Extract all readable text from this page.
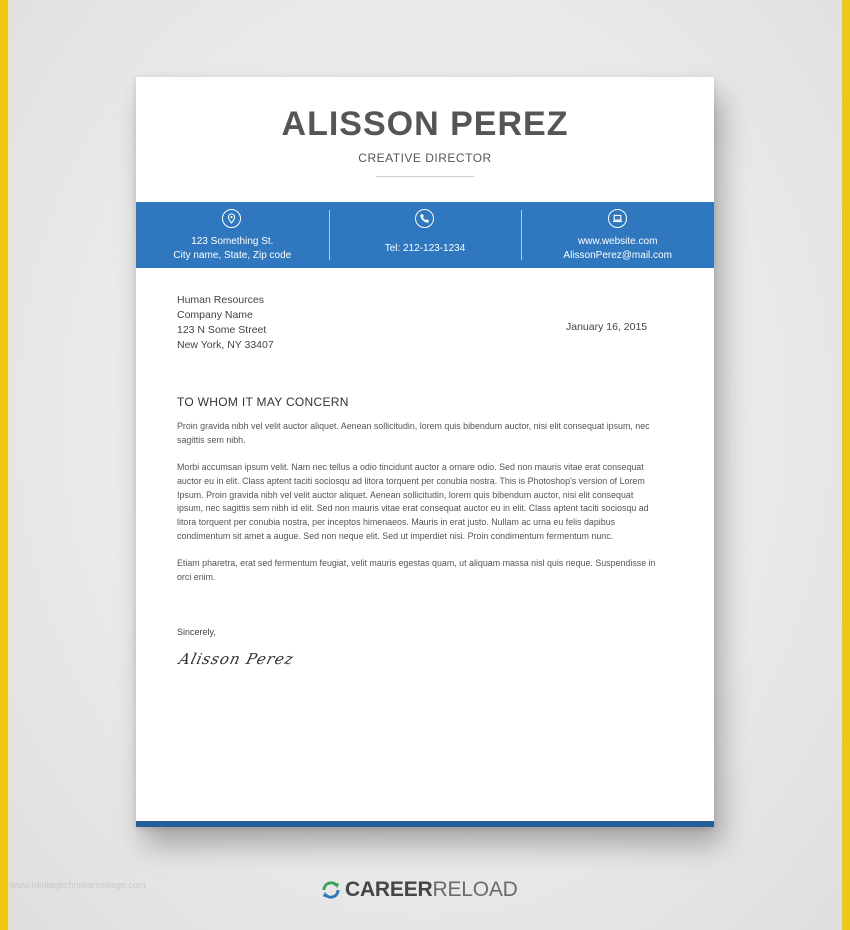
ALISSON PEREZ
CREATIVE DIRECTOR
123 Something St.
City name, State, Zip code
Tel: 212-123-1234
www.website.com
AlissonPerez@mail.com
Human Resources
Company Name
123 N Some Street
New York, NY 33407
January 16, 2015
TO WHOM IT MAY CONCERN

Proin gravida nibh vel velit auctor aliquet. Aenean sollicitudin, lorem quis bibendum auctor, nisi elit consequat ipsum, nec sagittis sem nibh.

Morbi accumsan ipsum velit. Nam nec tellus a odio tincidunt auctor a ornare odio. Sed non mauris vitae erat consequat auctor eu in elit. Class aptent taciti sociosqu ad litora torquent per conubia nostra. This is Photoshop's version of Lorem Ipsum. Proin gravida nibh vel velit auctor aliquet. Aenean sollicitudin, lorem quis bibendum auctor, nisi elit consequat ipsum, nec sagittis sem nibh id elit. Sed non mauris vitae erat consequat auctor eu in elit. Class aptent taciti sociosqu ad litora torquent per conubia nostra, per inceptos himenaeos. Mauris in erat justo. Nullam ac urna eu felis dapibus condimentum sit amet a augue. Sed non neque elit. Sed ut imperdiet nisi. Proin condimentum fermentum nunc.

Etiam pharetra, erat sed fermentum feugiat, velit mauris egestas quam, ut aliquam massa nisl quis neque. Suspendisse in orci enim.

Sincerely,
Alisson Perez
www.heritagechristiancollege.com	CAREERRELOAD
